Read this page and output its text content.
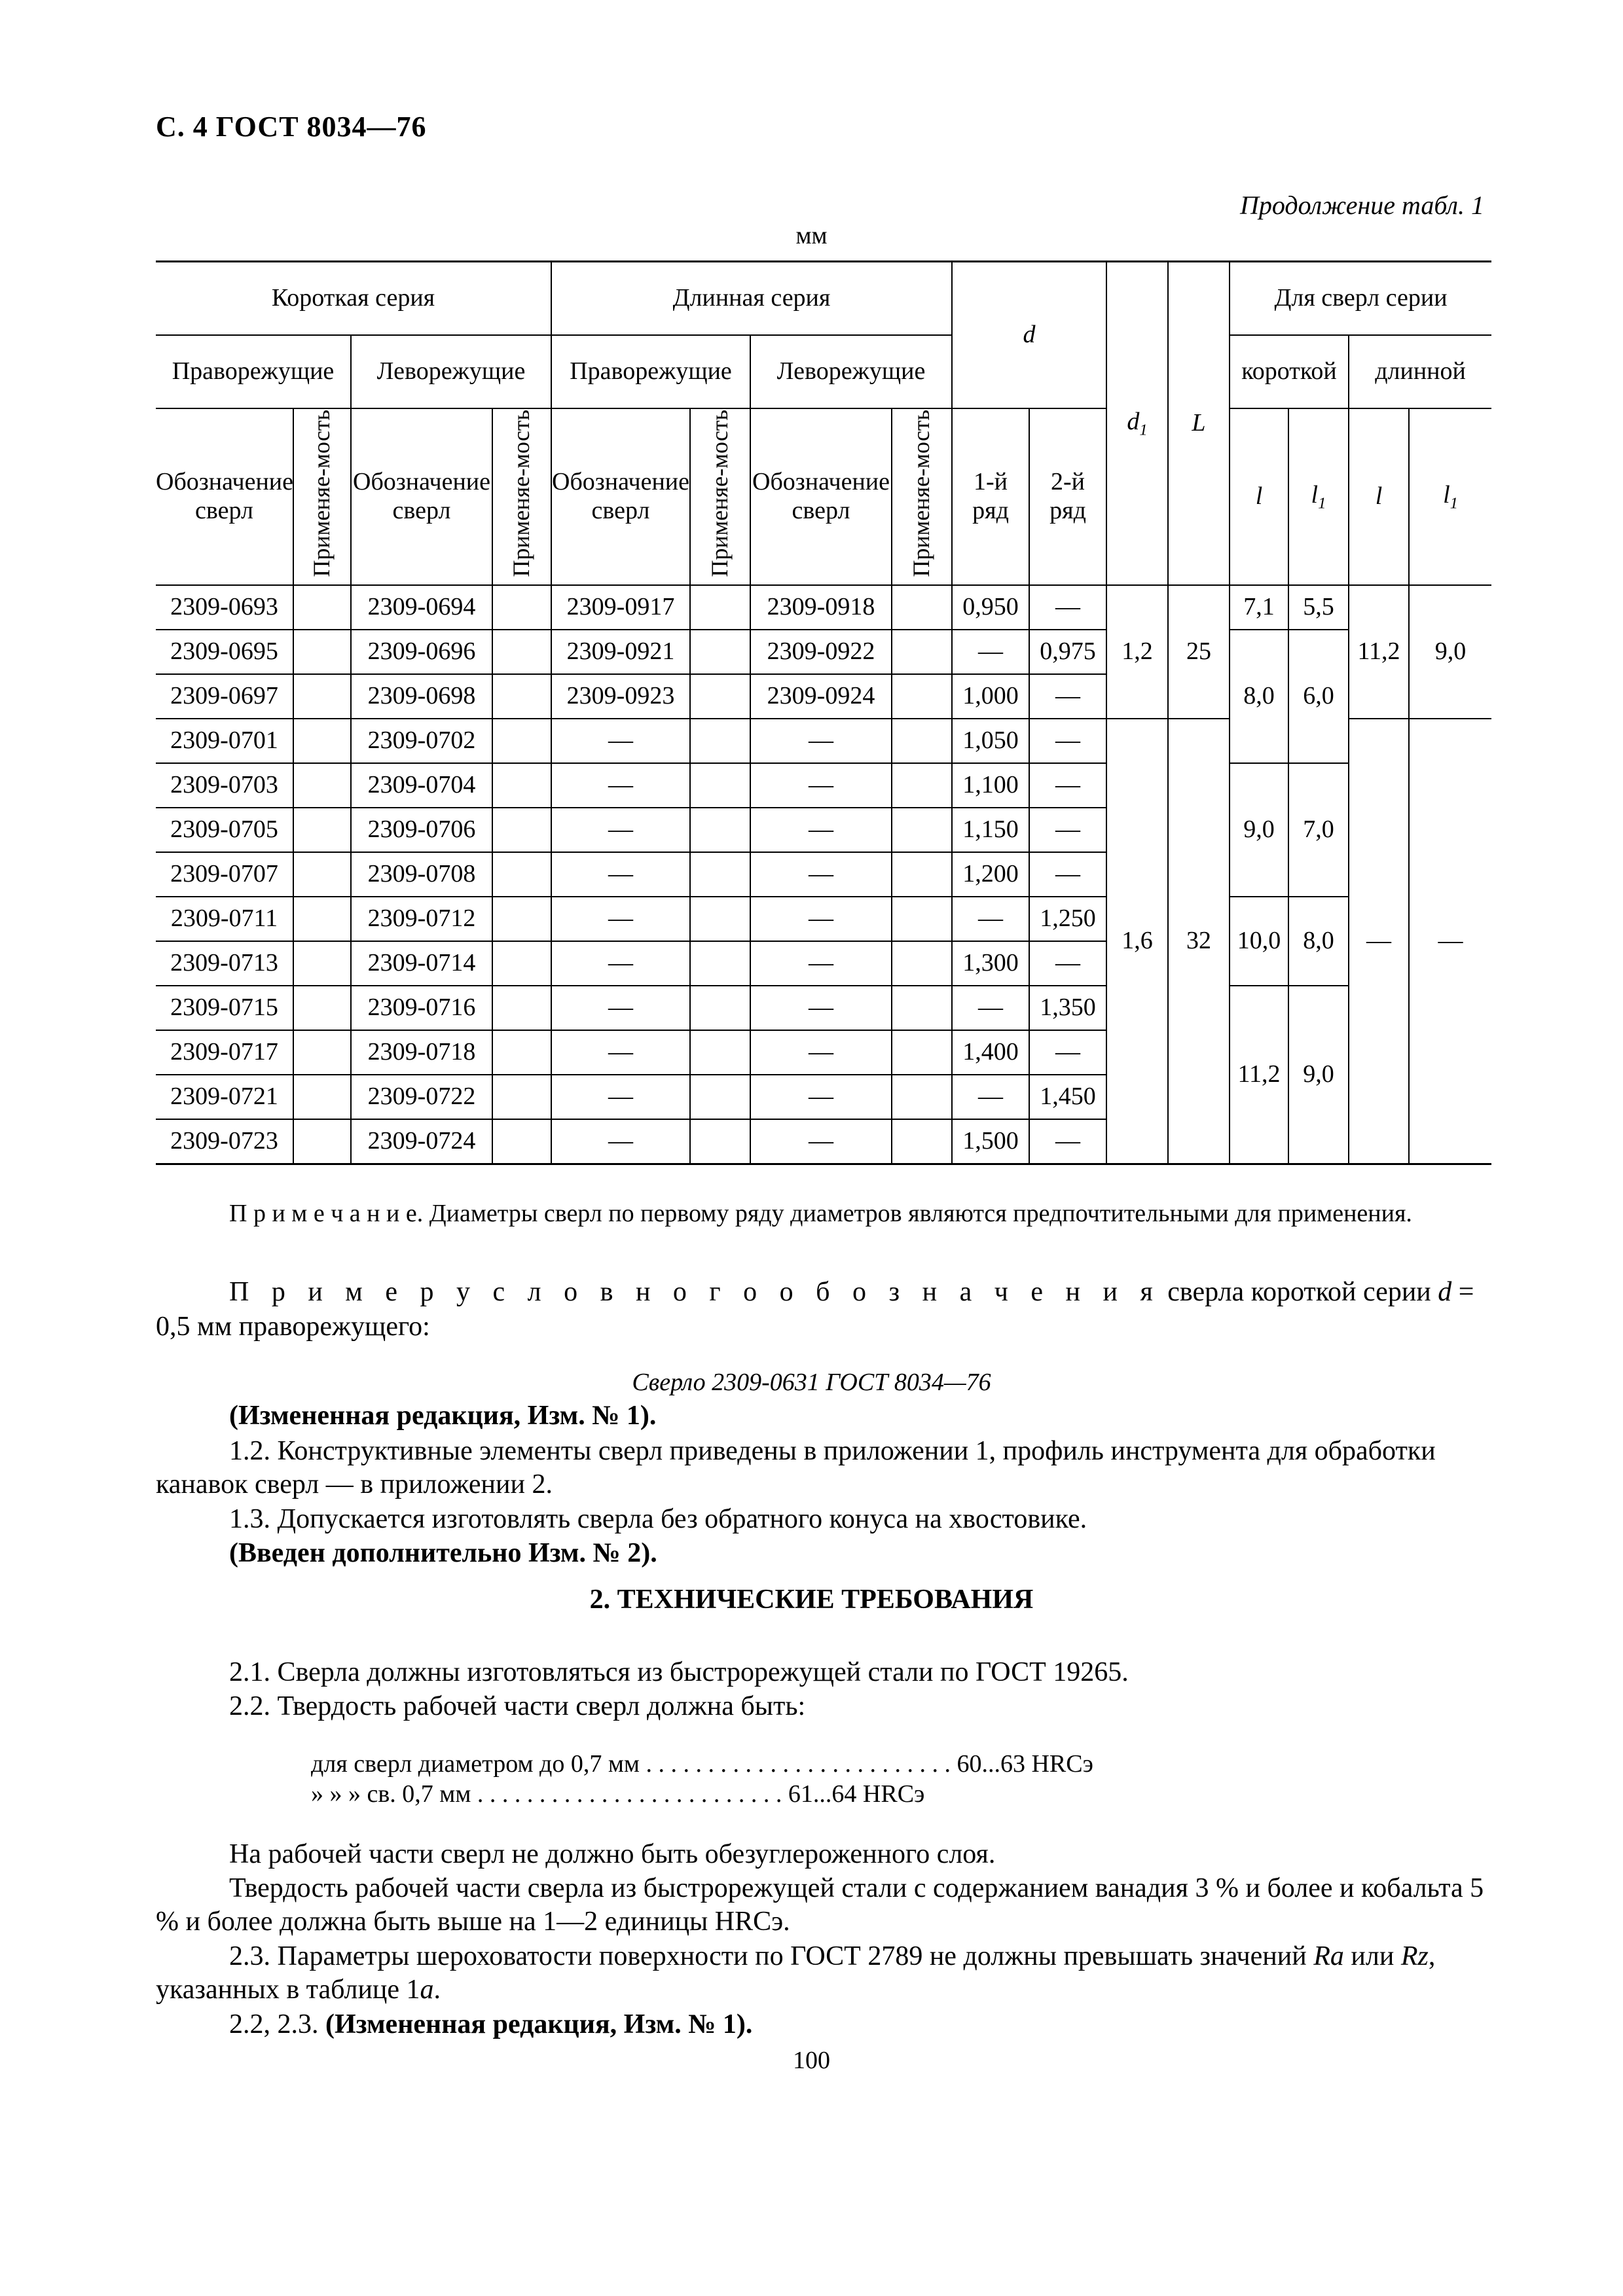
С. 4 ГОСТ 8034—76
Продолжение табл. 1
мм
Короткая серия				Длинная серия				d		$d_1$	L	Для сверл серии			
Праворежущие		Леворежущие		Праворежущие		Леворежущие						короткой		длинной	
Обозначение сверл	Применяе-мость	Обозначение сверл	Применяе-мость	Обозначение сверл	Применяе-мость	Обозначение сверл	Применяе-мость	1-й ряд	2-й ряд			l	$l_1$	l	$l_1$
2309-0693		2309-0694		2309-0917		2309-0918		0,950	—	1,2	25	7,1	5,5	11,2	9,0
2309-0695		2309-0696		2309-0921		2309-0922		—	0,975			8,0	6,0		
2309-0697		2309-0698		2309-0923		2309-0924		1,000	—						
2309-0701		2309-0702		—		—		1,050	—	1,6	32			—	—
2309-0703		2309-0704		—		—		1,100	—			9,0	7,0		
2309-0705		2309-0706		—		—		1,150	—						
2309-0707		2309-0708		—		—		1,200	—						
2309-0711		2309-0712		—		—		—	1,250			10,0	8,0		
2309-0713		2309-0714		—		—		1,300	—						
2309-0715		2309-0716		—		—		—	1,350			11,2	9,0		
2309-0717		2309-0718		—		—		1,400	—						
2309-0721		2309-0722		—		—		—	1,450						
2309-0723		2309-0724		—		—		1,500	—						
П р и м е ч а н и е. Диаметры сверл по первому ряду диаметров являются предпочтительными для применения.
П р и м е р у с л о в н о г о о б о з н а ч е н и я сверла короткой серии d = 0,5 мм праворежущего:
Сверло 2309-0631 ГОСТ 8034—76
(Измененная редакция, Изм. № 1).
1.2. Конструктивные элементы сверл приведены в приложении 1, профиль инструмента для обработки канавок сверл — в приложении 2.
1.3. Допускается изготовлять сверла без обратного конуса на хвостовике.
(Введен дополнительно Изм. № 2).
2. ТЕХНИЧЕСКИЕ ТРЕБОВАНИЯ
2.1. Сверла должны изготовляться из быстрорежущей стали по ГОСТ 19265.
2.2. Твердость рабочей части сверл должна быть:
для сверл диаметром до 0,7 мм . . . . . . . . . . . . . . . . . . . . . . . . . 60...63 HRCэ
» » » св. 0,7 мм . . . . . . . . . . . . . . . . . . . . . . . . . 61...64 HRCэ
На рабочей части сверл не должно быть обезуглероженного слоя.
Твердость рабочей части сверла из быстрорежущей стали с содержанием ванадия 3 % и более и кобальта 5 % и более должна быть выше на 1—2 единицы HRCэ.
2.3. Параметры шероховатости поверхности по ГОСТ 2789 не должны превышать значений Ra или Rz, указанных в таблице 1a.
2.2, 2.3. (Измененная редакция, Изм. № 1).
100
